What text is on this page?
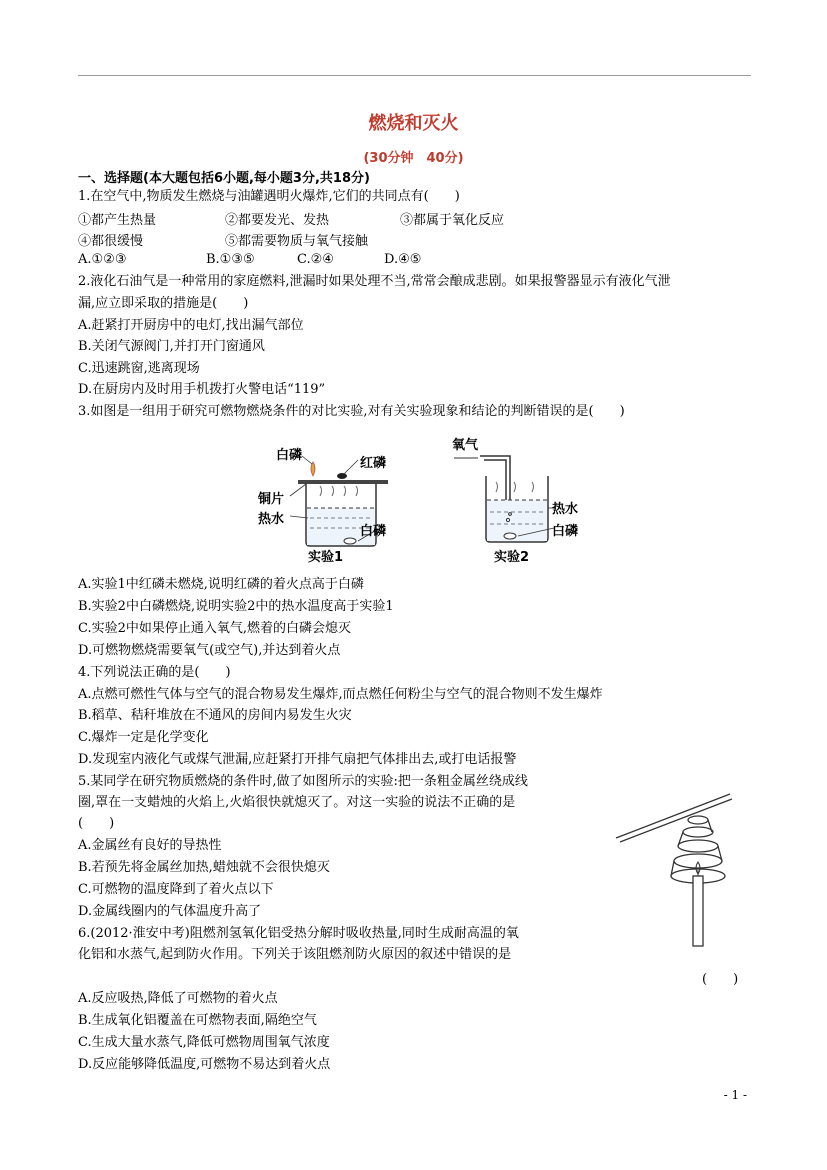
燃烧和灭火
(30分钟　40分)
一、选择题(本大题包括6小题,每小题3分,共18分)
1.在空气中,物质发生燃烧与油罐遇明火爆炸,它们的共同点有(　　)
①都产生热量	②都要发光、发热	③都属于氧化反应
④都很缓慢	⑤都需要物质与氧气接触
A.①②③	B.①③⑤	C.②④	D.④⑤
2.液化石油气是一种常用的家庭燃料,泄漏时如果处理不当,常常会酿成悲剧。如果报警器显示有液化气泄
漏,应立即采取的措施是(　　)
A.赶紧打开厨房中的电灯,找出漏气部位
B.关闭气源阀门,并打开门窗通风
C.迅速跳窗,逃离现场
D.在厨房内及时用手机拨打火警电话“119”
3.如图是一组用于研究可燃物燃烧条件的对比实验,对有关实验现象和结论的判断错误的是(　　)
白磷
红磷
铜片
热水
白磷
实验1
氧气
热水
白磷
实验2
A.实验1中红磷未燃烧,说明红磷的着火点高于白磷
B.实验2中白磷燃烧,说明实验2中的热水温度高于实验1
C.实验2中如果停止通入氧气,燃着的白磷会熄灭
D.可燃物燃烧需要氧气(或空气),并达到着火点
4.下列说法正确的是(　　)
A.点燃可燃性气体与空气的混合物易发生爆炸,而点燃任何粉尘与空气的混合物则不发生爆炸
B.稻草、秸秆堆放在不通风的房间内易发生火灾
C.爆炸一定是化学变化
D.发现室内液化气或煤气泄漏,应赶紧打开排气扇把气体排出去,或打电话报警
5.某同学在研究物质燃烧的条件时,做了如图所示的实验:把一条粗金属丝绕成线
圈,罩在一支蜡烛的火焰上,火焰很快就熄灭了。对这一实验的说法不正确的是
(　　)
A.金属丝有良好的导热性
B.若预先将金属丝加热,蜡烛就不会很快熄灭
C.可燃物的温度降到了着火点以下
D.金属线圈内的气体温度升高了
6.(2012·淮安中考)阻燃剂氢氧化铝受热分解时吸收热量,同时生成耐高温的氧
化铝和水蒸气,起到防火作用。下列关于该阻燃剂防火原因的叙述中错误的是
(　　)
A.反应吸热,降低了可燃物的着火点
B.生成氧化铝覆盖在可燃物表面,隔绝空气
C.生成大量水蒸气,降低可燃物周围氧气浓度
D.反应能够降低温度,可燃物不易达到着火点
- 1 -
